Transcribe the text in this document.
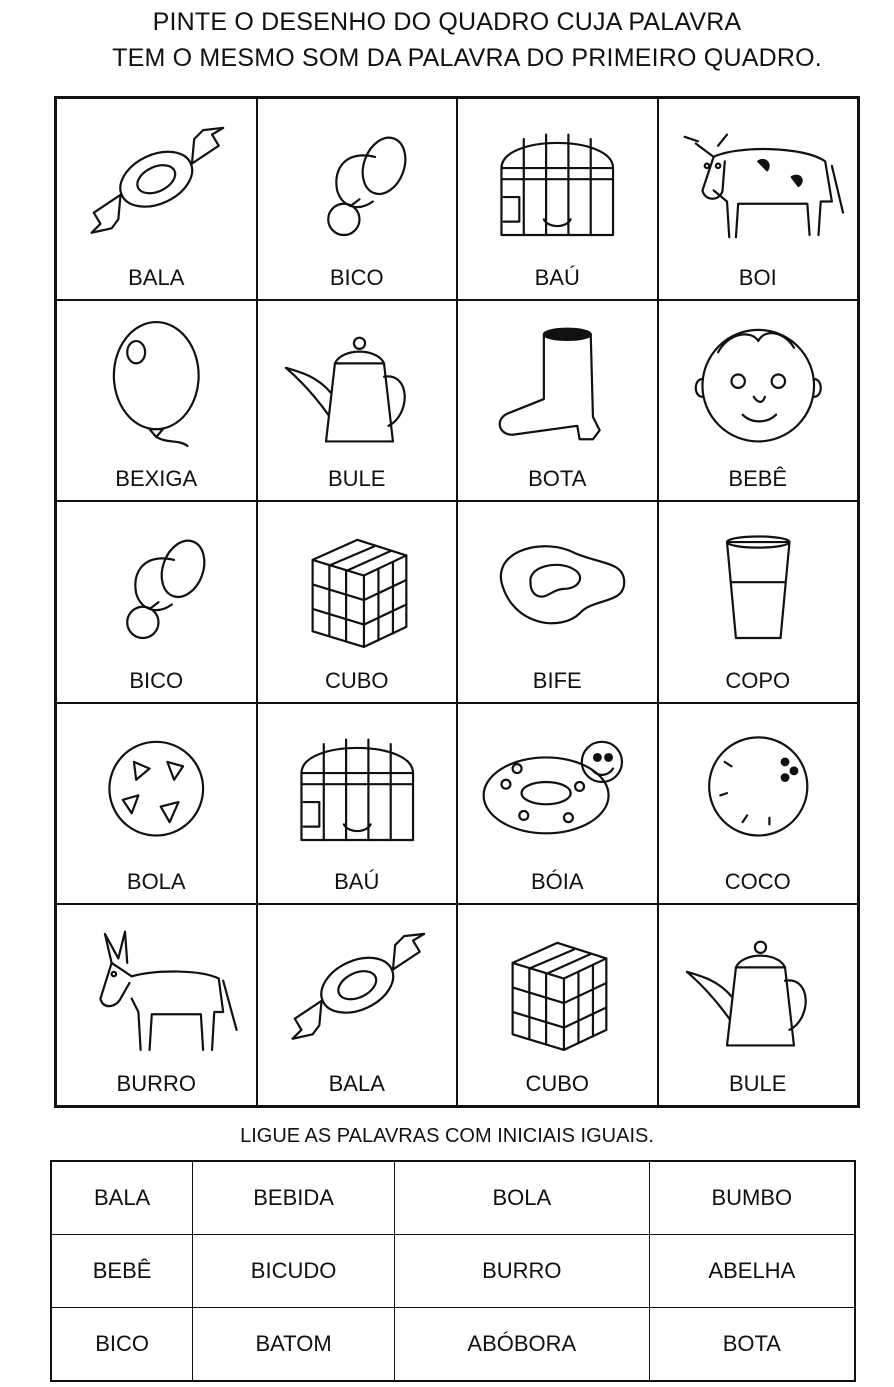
PINTE O DESENHO DO QUADRO CUJA PALAVRA
TEM O MESMO SOM DA PALAVRA DO PRIMEIRO QUADRO.
BALA	BICO	BAÚ	BOI
BEXIGA	BULE	BOTA	BEBÊ
BICO	CUBO	BIFE	COPO
BOLA	BAÚ	BÓIA	COCO
BURRO	BALA	CUBO	BULE
LIGUE AS PALAVRAS COM INICIAIS IGUAIS.
BALA	BEBIDA	BOLA	BUMBO
BEBÊ	BICUDO	BURRO	ABELHA
BICO	BATOM	ABÓBORA	BOTA
